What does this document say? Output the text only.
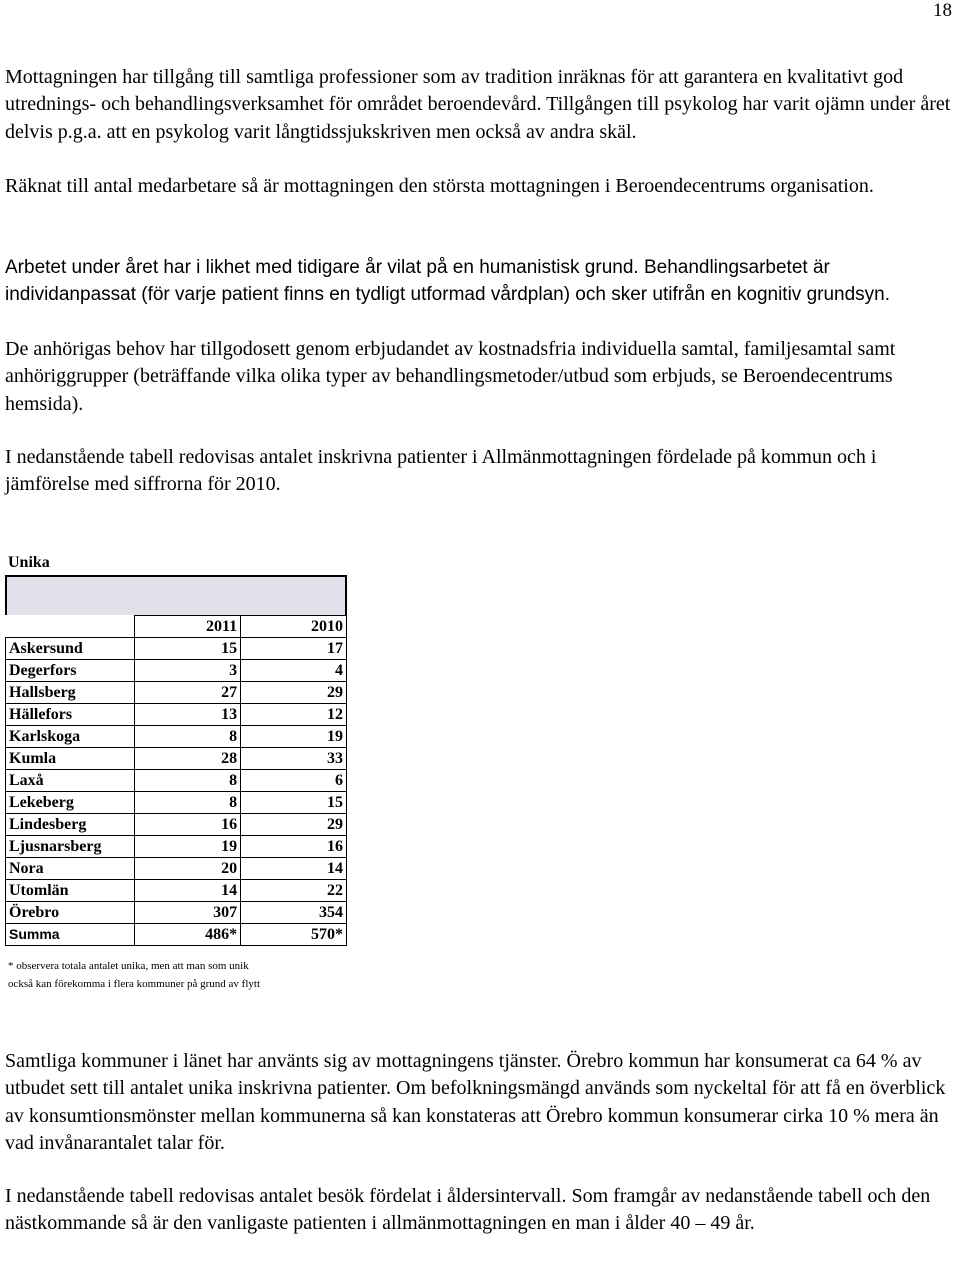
18

Mottagningen har tillgång till samtliga professioner som av tradition inräknas för att garantera en kvalitativt god utrednings- och behandlingsverksamhet för området beroendevård. Tillgången till psykolog har varit ojämn under året delvis p.g.a. att en psykolog varit långtidssjukskriven men också av andra skäl.

Räknat till antal medarbetare så är mottagningen den största mottagningen i Beroendecentrums organisation.

Arbetet under året har i likhet med tidigare år vilat på en humanistisk grund. Behandlingsarbetet är individanpassat (för varje patient finns en tydligt utformad vårdplan) och sker utifrån en kognitiv grundsyn.

De anhörigas behov har tillgodosett genom erbjudandet av kostnadsfria individuella samtal, familjesamtal samt anhöriggrupper (beträffande vilka olika typer av behandlingsmetoder/utbud som erbjuds, se Beroendecentrums hemsida).

I nedanstående tabell redovisas antalet inskrivna patienter i Allmänmottagningen fördelade på kommun och i jämförelse med siffrorna för 2010.

Unika
	2011	2010
Askersund	15	17
Degerfors	3	4
Hallsberg	27	29
Hällefors	13	12
Karlskoga	8	19
Kumla	28	33
Laxå	8	6
Lekeberg	8	15
Lindesberg	16	29
Ljusnarsberg	19	16
Nora	20	14
Utomlän	14	22
Örebro	307	354
Summa	486*	570*
* observera totala antalet unika, men att man som unik
också kan förekomma i flera kommuner på grund av flytt

Samtliga kommuner i länet har använts sig av mottagningens tjänster. Örebro kommun har konsumerat ca 64 % av utbudet sett till antalet unika inskrivna patienter. Om befolkningsmängd används som nyckeltal för att få en överblick av konsumtionsmönster mellan kommunerna så kan konstateras att Örebro kommun konsumerar cirka 10 % mera än vad invånarantalet talar för.

I nedanstående tabell redovisas antalet besök fördelat i åldersintervall. Som framgår av nedanstående tabell och den nästkommande så är den vanligaste patienten i allmänmottagningen en man i ålder 40 – 49 år.
